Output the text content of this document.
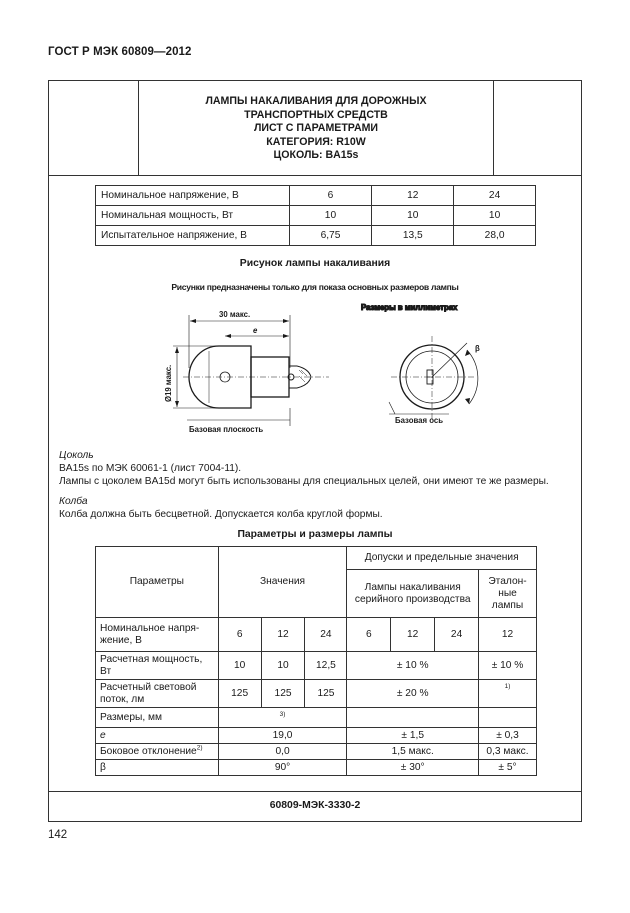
ГОСТ Р МЭК 60809—2012
ЛАМПЫ НАКАЛИВАНИЯ ДЛЯ ДОРОЖНЫХ
ТРАНСПОРТНЫХ СРЕДСТВ
ЛИСТ С ПАРАМЕТРАМИ
КАТЕГОРИЯ: R10W
ЦОКОЛЬ: BA15s
Номинальное напряжение, В	6	12	24
Номинальная мощность, Вт	10	10	10
Испытательное напряжение, В	6,75	13,5	28,0
Рисунок лампы накаливания
Рисунки предназначены только для показа основных размеров лампы
Размеры в миллиметрах
30 макс.
e
Ø19 макс.
β
Базовая плоскость
Базовая ось
Цоколь
BA15s по МЭК 60061-1 (лист 7004-11).
Лампы с цоколем BA15d могут быть использованы для специальных целей, они имеют те же размеры.
Колба
Колба должна быть бесцветной. Допускается колба круглой формы.
Параметры и размеры лампы
Параметры	Значения			Допуски и предельные значения			
				Лампы накаливания серийного производства			Эталон-ные лампы
Номинальное напря-жение, В	6	12	24	6	12	24	12
Расчетная мощность, Вт	10	10	12,5	± 10 %			± 10 %
Расчетный световой поток, лм	125	125	125	± 20 %			1)
Размеры, мм	3)						
e	19,0			± 1,5			± 0,3
Боковое отклонение$^{2)}$	0,0			1,5 макс.			0,3 макс.
β	90°			± 30°			± 5°
60809-МЭК-3330-2
142
